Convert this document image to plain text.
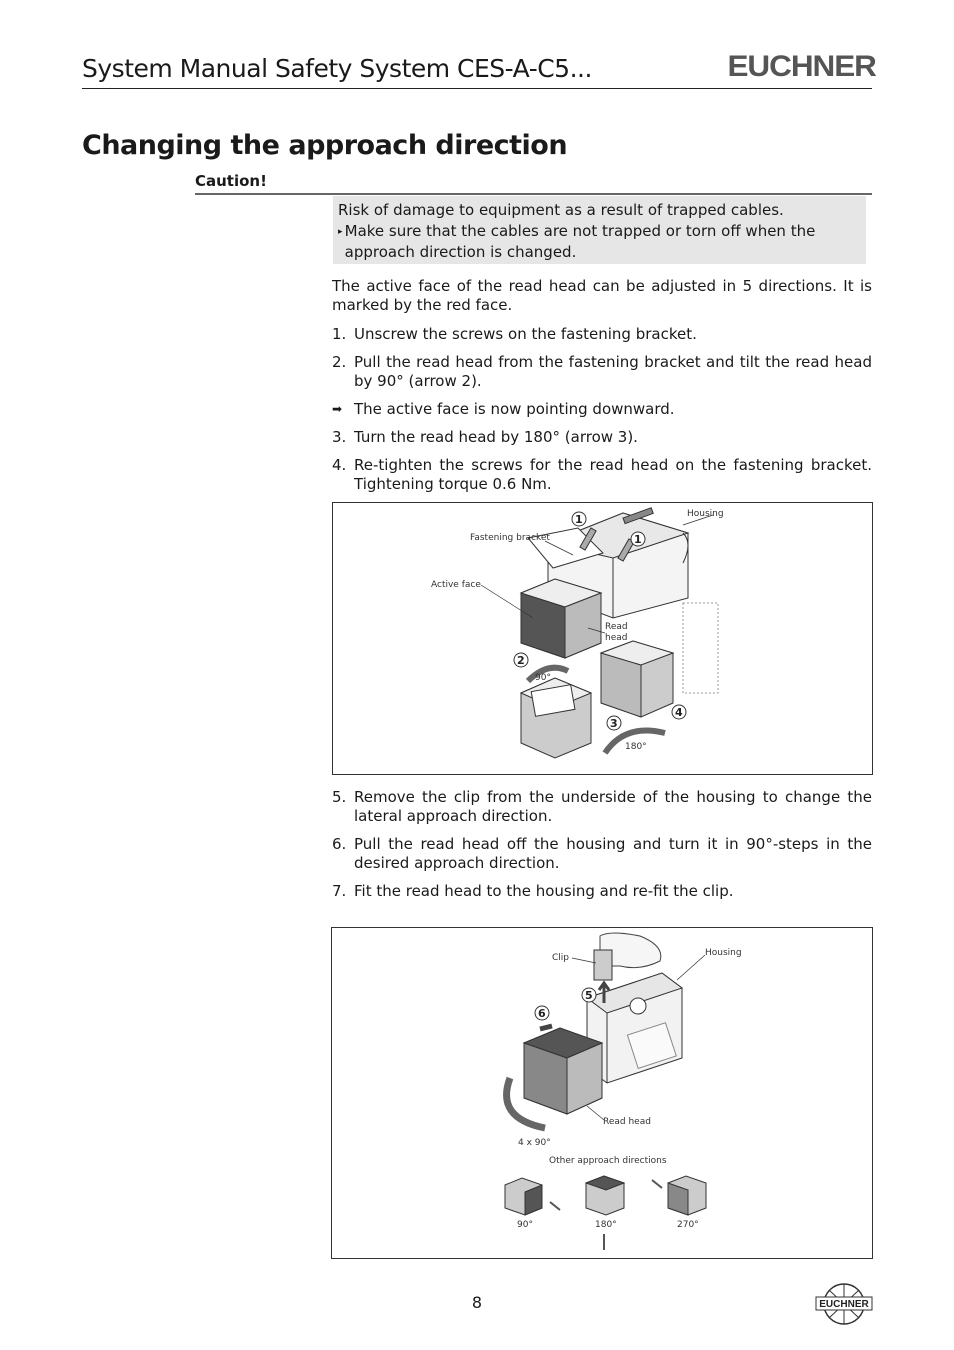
System Manual Safety System CES-A-C5...	EUCHNER
Changing the approach direction
Caution!
Risk of damage to equipment as a result of trapped cables.
▸ Make sure that the cables are not trapped or torn off when the approach direction is changed.
The active face of the read head can be adjusted in 5 directions. It is marked by the red face.
1. Unscrew the screws on the fastening bracket.
2. Pull the read head from the fastening bracket and tilt the read head by 90° (arrow 2).
➡ The active face is now pointing downward.
3. Turn the read head by 180° (arrow 3).
4. Re-tighten the screws for the read head on the fastening bracket. Tightening torque 0.6 Nm.
Housing
Fastening bracket
Active face
Read
head
90°
180°
1
1
2
3
4
5. Remove the clip from the underside of the housing to change the lateral approach direction.
6. Pull the read head off the housing and turn it in 90°-steps in the desired approach direction.
7. Fit the read head to the housing and re-fit the clip.
Clip	Housing
Read head
4 x 90°
Other approach directions
5
6
90°	180°	270°
8	EUCHNER
